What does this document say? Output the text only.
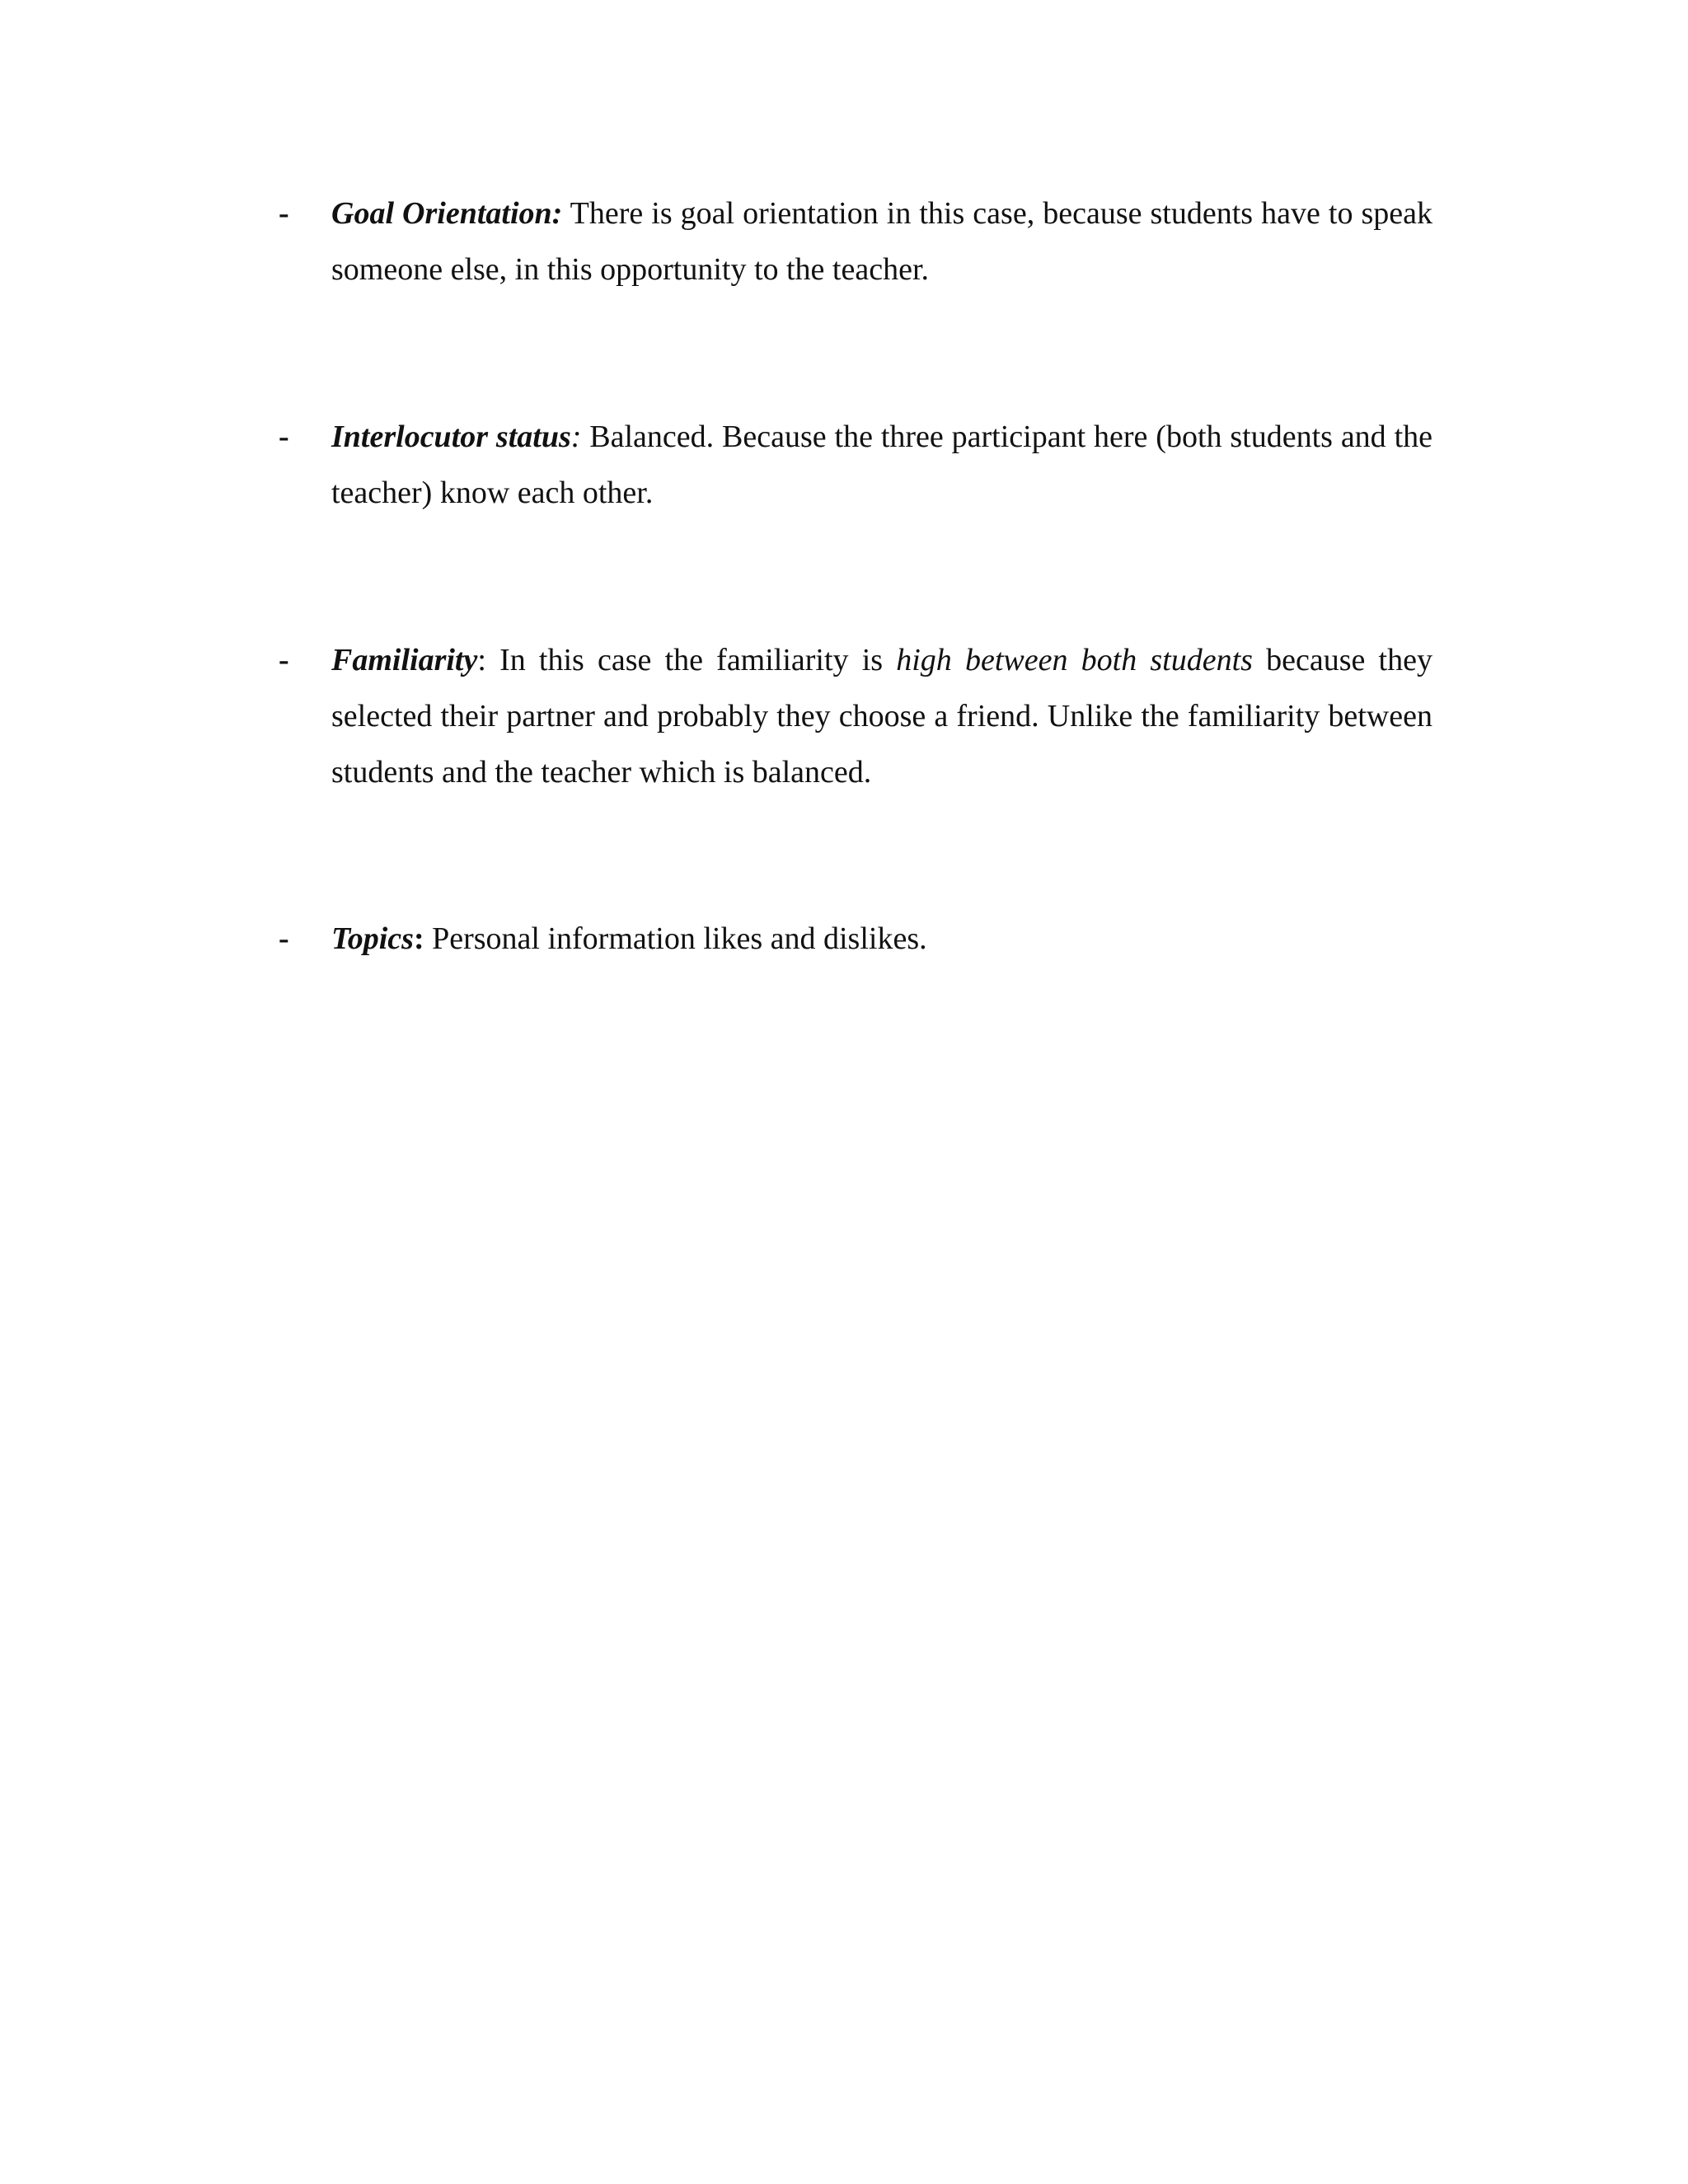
- Goal Orientation: There is goal orientation in this case, because students have to speak someone else, in this opportunity to the teacher.
- Interlocutor status: Balanced. Because the three participant here (both students and the teacher) know each other.
- Familiarity: In this case the familiarity is high between both students because they selected their partner and probably they choose a friend. Unlike the familiarity between students and the teacher which is balanced.
- Topics: Personal information likes and dislikes.
